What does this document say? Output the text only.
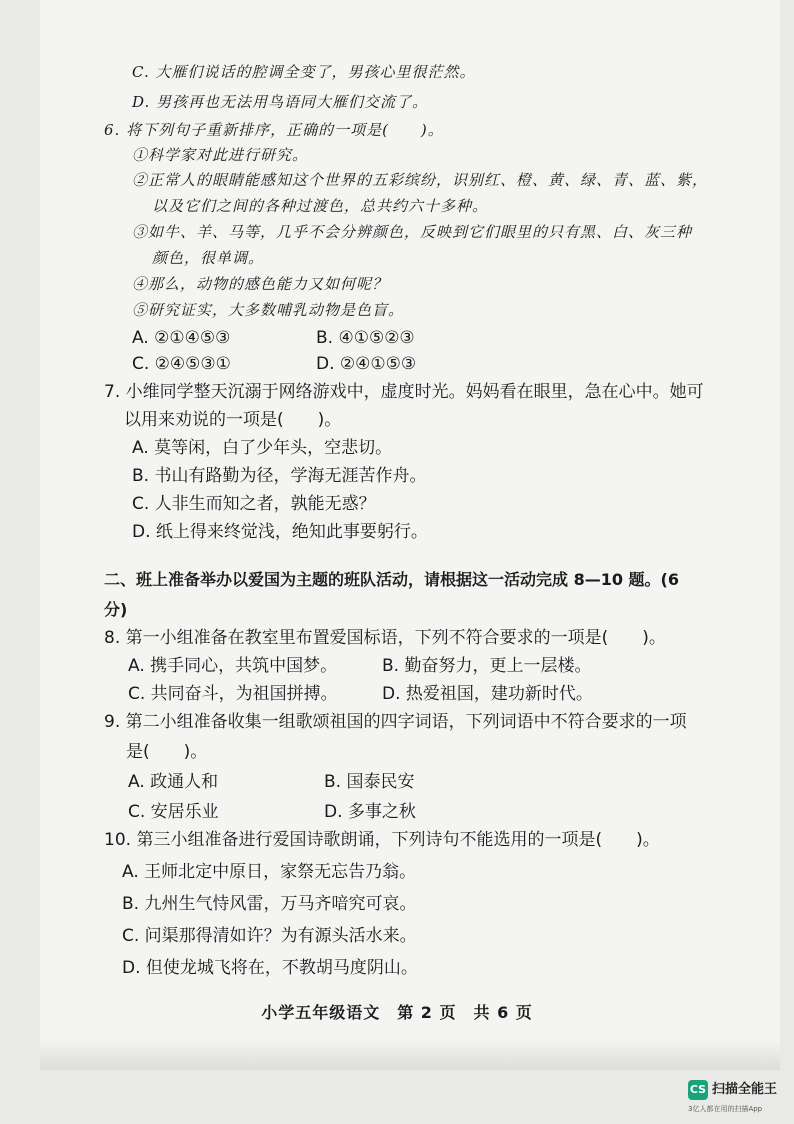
C. 大雁们说话的腔调全变了，男孩心里很茫然。
D. 男孩再也无法用鸟语同大雁们交流了。
6. 将下列句子重新排序，正确的一项是(　　)。
①科学家对此进行研究。
②正常人的眼睛能感知这个世界的五彩缤纷，识别红、橙、黄、绿、青、蓝、紫，
以及它们之间的各种过渡色，总共约六十多种。
③如牛、羊、马等，几乎不会分辨颜色，反映到它们眼里的只有黑、白、灰三种
颜色，很单调。
④那么，动物的感色能力又如何呢？
⑤研究证实，大多数哺乳动物是色盲。
A. ②①④⑤③	B. ④①⑤②③
C. ②④⑤③①	D. ②④①⑤③
7. 小维同学整天沉溺于网络游戏中，虚度时光。妈妈看在眼里，急在心中。她可
以用来劝说的一项是(　　)。
A. 莫等闲，白了少年头，空悲切。
B. 书山有路勤为径，学海无涯苦作舟。
C. 人非生而知之者，孰能无惑？
D. 纸上得来终觉浅，绝知此事要躬行。
二、班上准备举办以爱国为主题的班队活动，请根据这一活动完成 8—10 题。(6
分)
8. 第一小组准备在教室里布置爱国标语，下列不符合要求的一项是(　　)。
A. 携手同心，共筑中国梦。	B. 勤奋努力，更上一层楼。
C. 共同奋斗，为祖国拼搏。	D. 热爱祖国，建功新时代。
9. 第二小组准备收集一组歌颂祖国的四字词语，下列词语中不符合要求的一项
是(　　)。
A. 政通人和	B. 国泰民安
C. 安居乐业	D. 多事之秋
10. 第三小组准备进行爱国诗歌朗诵，下列诗句不能选用的一项是(　　)。
A. 王师北定中原日，家祭无忘告乃翁。
B. 九州生气恃风雷，万马齐喑究可哀。
C. 问渠那得清如许？为有源头活水来。
D. 但使龙城飞将在，不教胡马度阴山。
小学五年级语文　第 2 页　共 6 页
CS 扫描全能王
3亿人都在用的扫描App
